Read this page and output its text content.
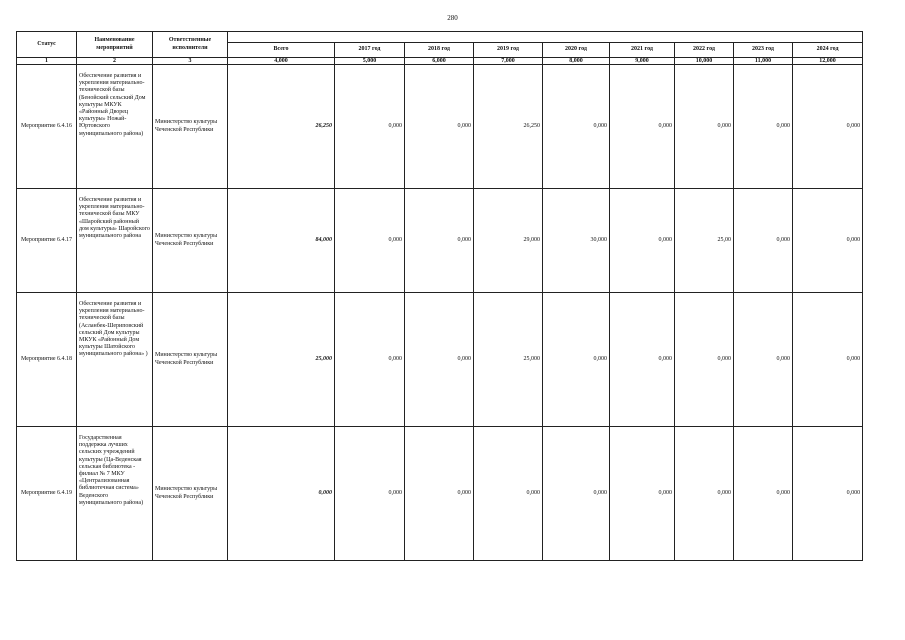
280
Статус	Наименование мероприятий	Ответственные исполнители									
			Всего	2017 год	2018 год	2019 год	2020 год	2021 год	2022 год	2023 год	2024 год
1	2	3	4,000	5,000	6,000	7,000	8,000	9,000	10,000	11,000	12,000
Мероприятие 6.4.16	Обеспечение развития и укрепления материально-технической базы (Бенойский сельский Дом культуры МКУК «Районный Дворец культуры» Ножай-Юртовского муниципального района)	Министерство культуры Чеченской Республики	26,250	0,000	0,000	26,250	0,000	0,000	0,000	0,000	0,000
Мероприятие 6.4.17	Обеспечение развития и укрепления материально-технической базы МКУ «Шаройский районный дом культуры» Шаройского муниципального района	Министерство культуры Чеченской Республики	84,000	0,000	0,000	29,000	30,000	0,000	25,00	0,000	0,000
Мероприятие 6.4.18	Обеспечение развития и укрепления материально-технической базы (Асланбек-Шериповский сельский Дом культуры МКУК «Районный Дом культуры Шатойского муниципального района» )	Министерство культуры Чеченской Республики	25,000	0,000	0,000	25,000	0,000	0,000	0,000	0,000	0,000
Мероприятие 6.4.19	Государственная поддержка лучших сельских учреждений культуры (Ца-Веденская сельская библиотека - филиал № 7 МКУ «Централизованная библиотечная система» Веденского муниципального района)	Министерство культуры Чеченской Республики	0,000	0,000	0,000	0,000	0,000	0,000	0,000	0,000	0,000
